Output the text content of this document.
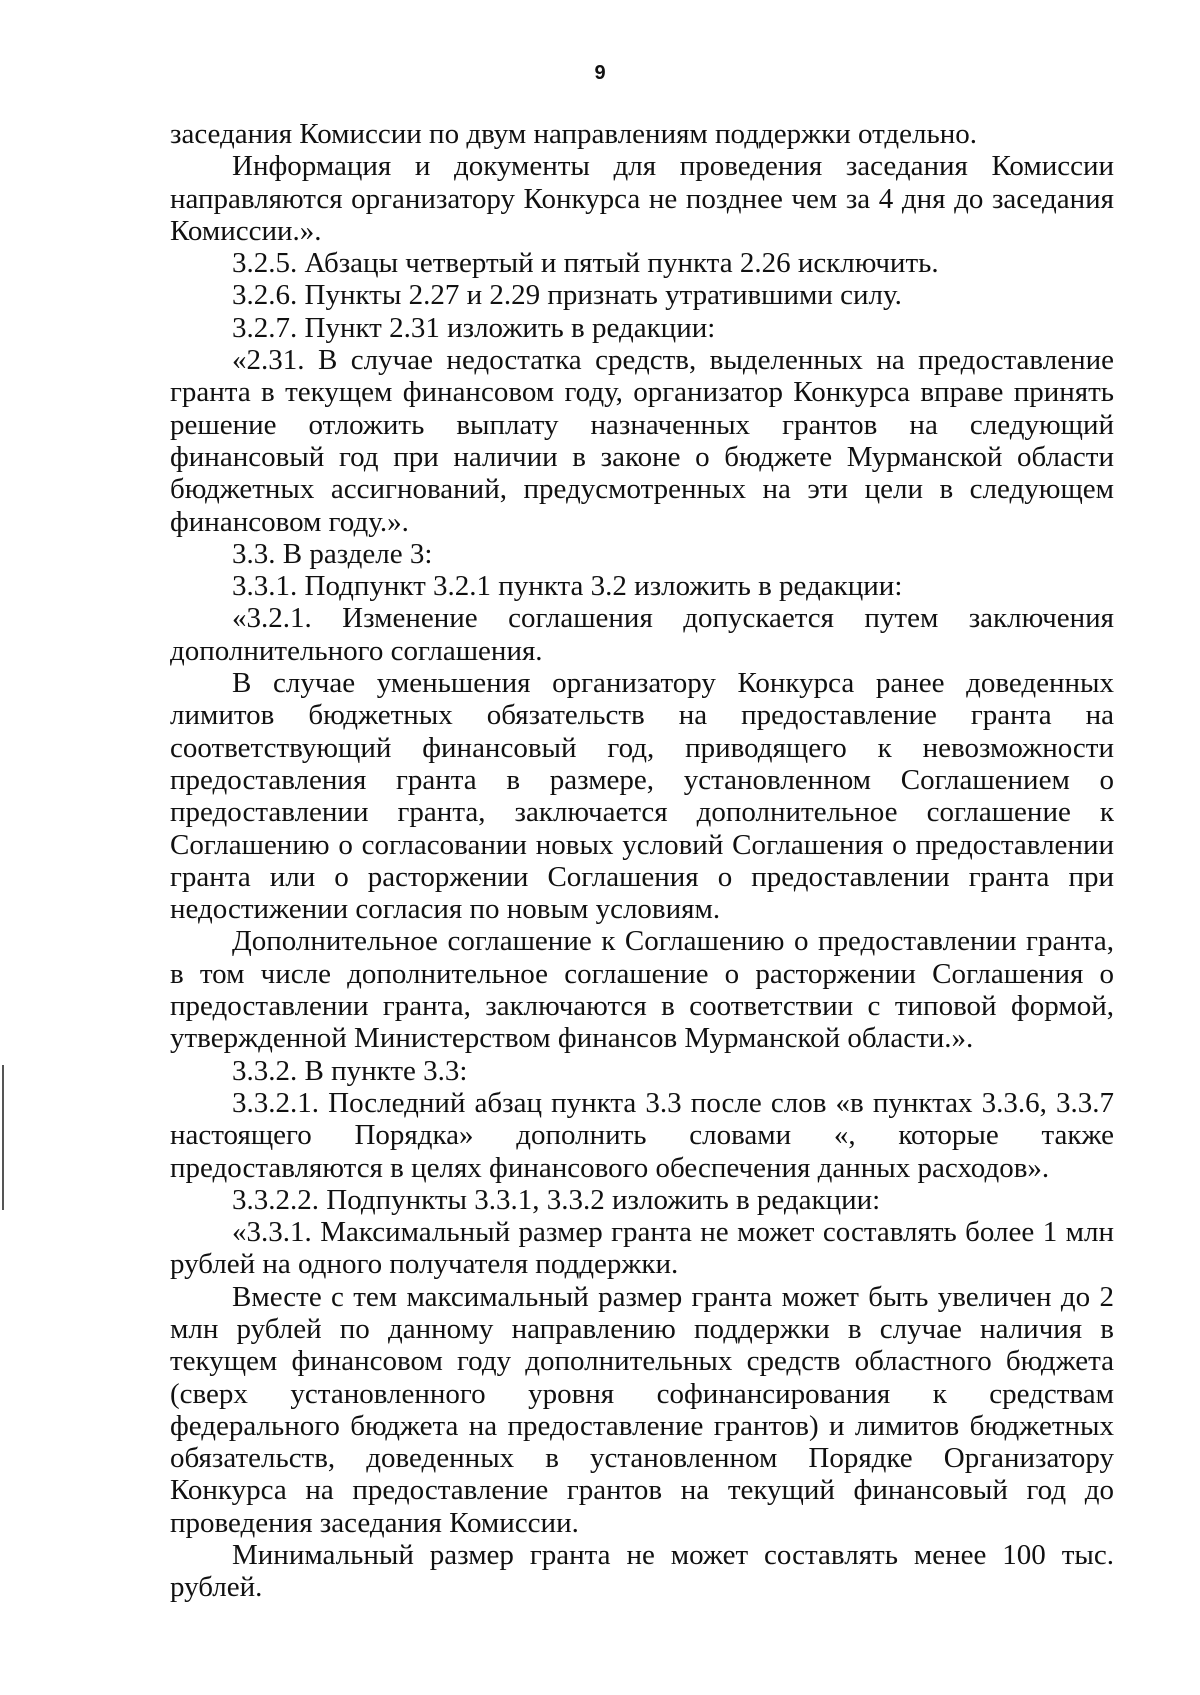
9

заседания Комиссии по двум направлениям поддержки отдельно.

Информация и документы для проведения заседания Комиссии направляются организатору Конкурса не позднее чем за 4 дня до заседания Комиссии.».

3.2.5. Абзацы четвертый и пятый пункта 2.26 исключить.

3.2.6. Пункты 2.27 и 2.29 признать утратившими силу.

3.2.7. Пункт 2.31 изложить в редакции:

«2.31. В случае недостатка средств, выделенных на предоставление гранта в текущем финансовом году, организатор Конкурса вправе принять решение отложить выплату назначенных грантов на следующий финансовый год при наличии в законе о бюджете Мурманской области бюджетных ассигнований, предусмотренных на эти цели в следующем финансовом году.».

3.3. В разделе 3:

3.3.1. Подпункт 3.2.1 пункта 3.2 изложить в редакции:

«3.2.1. Изменение соглашения допускается путем заключения дополнительного соглашения.

В случае уменьшения организатору Конкурса ранее доведенных лимитов бюджетных обязательств на предоставление гранта на соответствующий финансовый год, приводящего к невозможности предоставления гранта в размере, установленном Соглашением о предоставлении гранта, заключается дополнительное соглашение к Соглашению о согласовании новых условий Соглашения о предоставлении гранта или о расторжении Соглашения о предоставлении гранта при недостижении согласия по новым условиям.

Дополнительное соглашение к Соглашению о предоставлении гранта, в том числе дополнительное соглашение о расторжении Соглашения о предоставлении гранта, заключаются в соответствии с типовой формой, утвержденной Министерством финансов Мурманской области.».

3.3.2. В пункте 3.3:

3.3.2.1. Последний абзац пункта 3.3 после слов «в пунктах 3.3.6, 3.3.7 настоящего Порядка» дополнить словами «, которые также предоставляются в целях финансового обеспечения данных расходов».

3.3.2.2. Подпункты 3.3.1, 3.3.2 изложить в редакции:

«3.3.1. Максимальный размер гранта не может составлять более 1 млн рублей на одного получателя поддержки.

Вместе с тем максимальный размер гранта может быть увеличен до 2 млн рублей по данному направлению поддержки в случае наличия в текущем финансовом году дополнительных средств областного бюджета (сверх установленного уровня софинансирования к средствам федерального бюджета на предоставление грантов) и лимитов бюджетных обязательств, доведенных в установленном Порядке Организатору Конкурса на предоставление грантов на текущий финансовый год до проведения заседания Комиссии.

Минимальный размер гранта не может составлять менее 100 тыс. рублей.
